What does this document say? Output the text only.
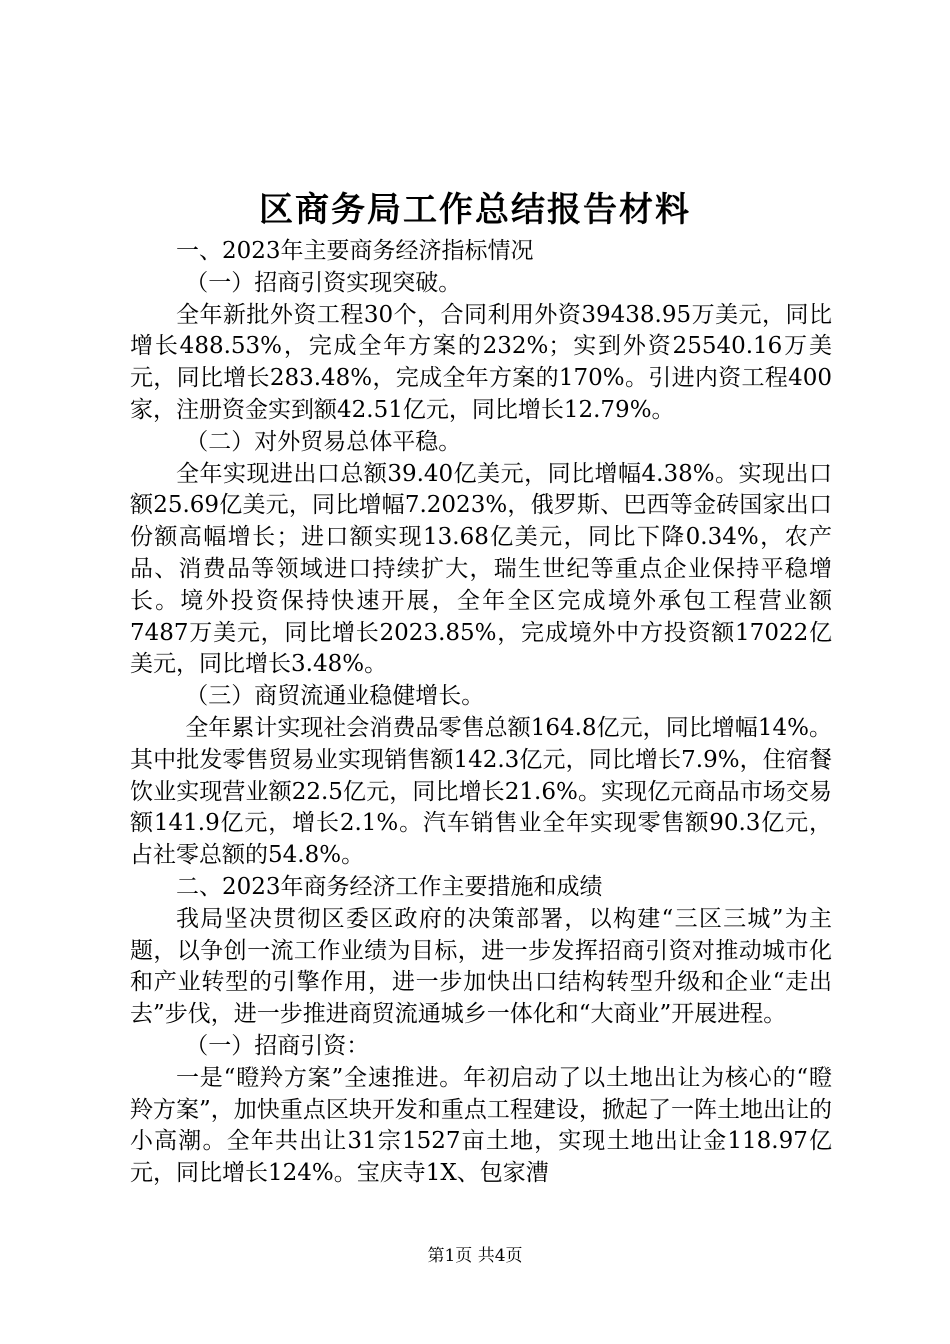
区商务局工作总结报告材料

一、2023年主要商务经济指标情况

（一）招商引资实现突破。

全年新批外资工程30个，合同利用外资39438.95万美元，同比增长488.53%，完成全年方案的232%；实到外资25540.16万美元，同比增长283.48%，完成全年方案的170%。引进内资工程400家，注册资金实到额42.51亿元，同比增长12.79%。

（二）对外贸易总体平稳。

全年实现进出口总额39.40亿美元，同比增幅4.38%。实现出口额25.69亿美元，同比增幅7.2023%，俄罗斯、巴西等金砖国家出口份额高幅增长；进口额实现13.68亿美元，同比下降0.34%，农产品、消费品等领域进口持续扩大，瑞生世纪等重点企业保持平稳增长。境外投资保持快速开展，全年全区完成境外承包工程营业额7487万美元，同比增长2023.85%，完成境外中方投资额17022亿美元，同比增长3.48%。

（三）商贸流通业稳健增长。

全年累计实现社会消费品零售总额164.8亿元，同比增幅14%。其中批发零售贸易业实现销售额142.3亿元，同比增长7.9%，住宿餐饮业实现营业额22.5亿元，同比增长21.6%。实现亿元商品市场交易额141.9亿元，增长2.1%。汽车销售业全年实现零售额90.3亿元，占社零总额的54.8%。

二、2023年商务经济工作主要措施和成绩

我局坚决贯彻区委区政府的决策部署，以构建“三区三城”为主题，以争创一流工作业绩为目标，进一步发挥招商引资对推动城市化和产业转型的引擎作用，进一步加快出口结构转型升级和企业“走出去”步伐，进一步推进商贸流通城乡一体化和“大商业”开展进程。

（一）招商引资：

一是“瞪羚方案”全速推进。年初启动了以土地出让为核心的“瞪羚方案”，加快重点区块开发和重点工程建设，掀起了一阵土地出让的小高潮。全年共出让31宗1527亩土地，实现土地出让金118.97亿元，同比增长124%。宝庆寺1X、包家漕

第1页 共4页
